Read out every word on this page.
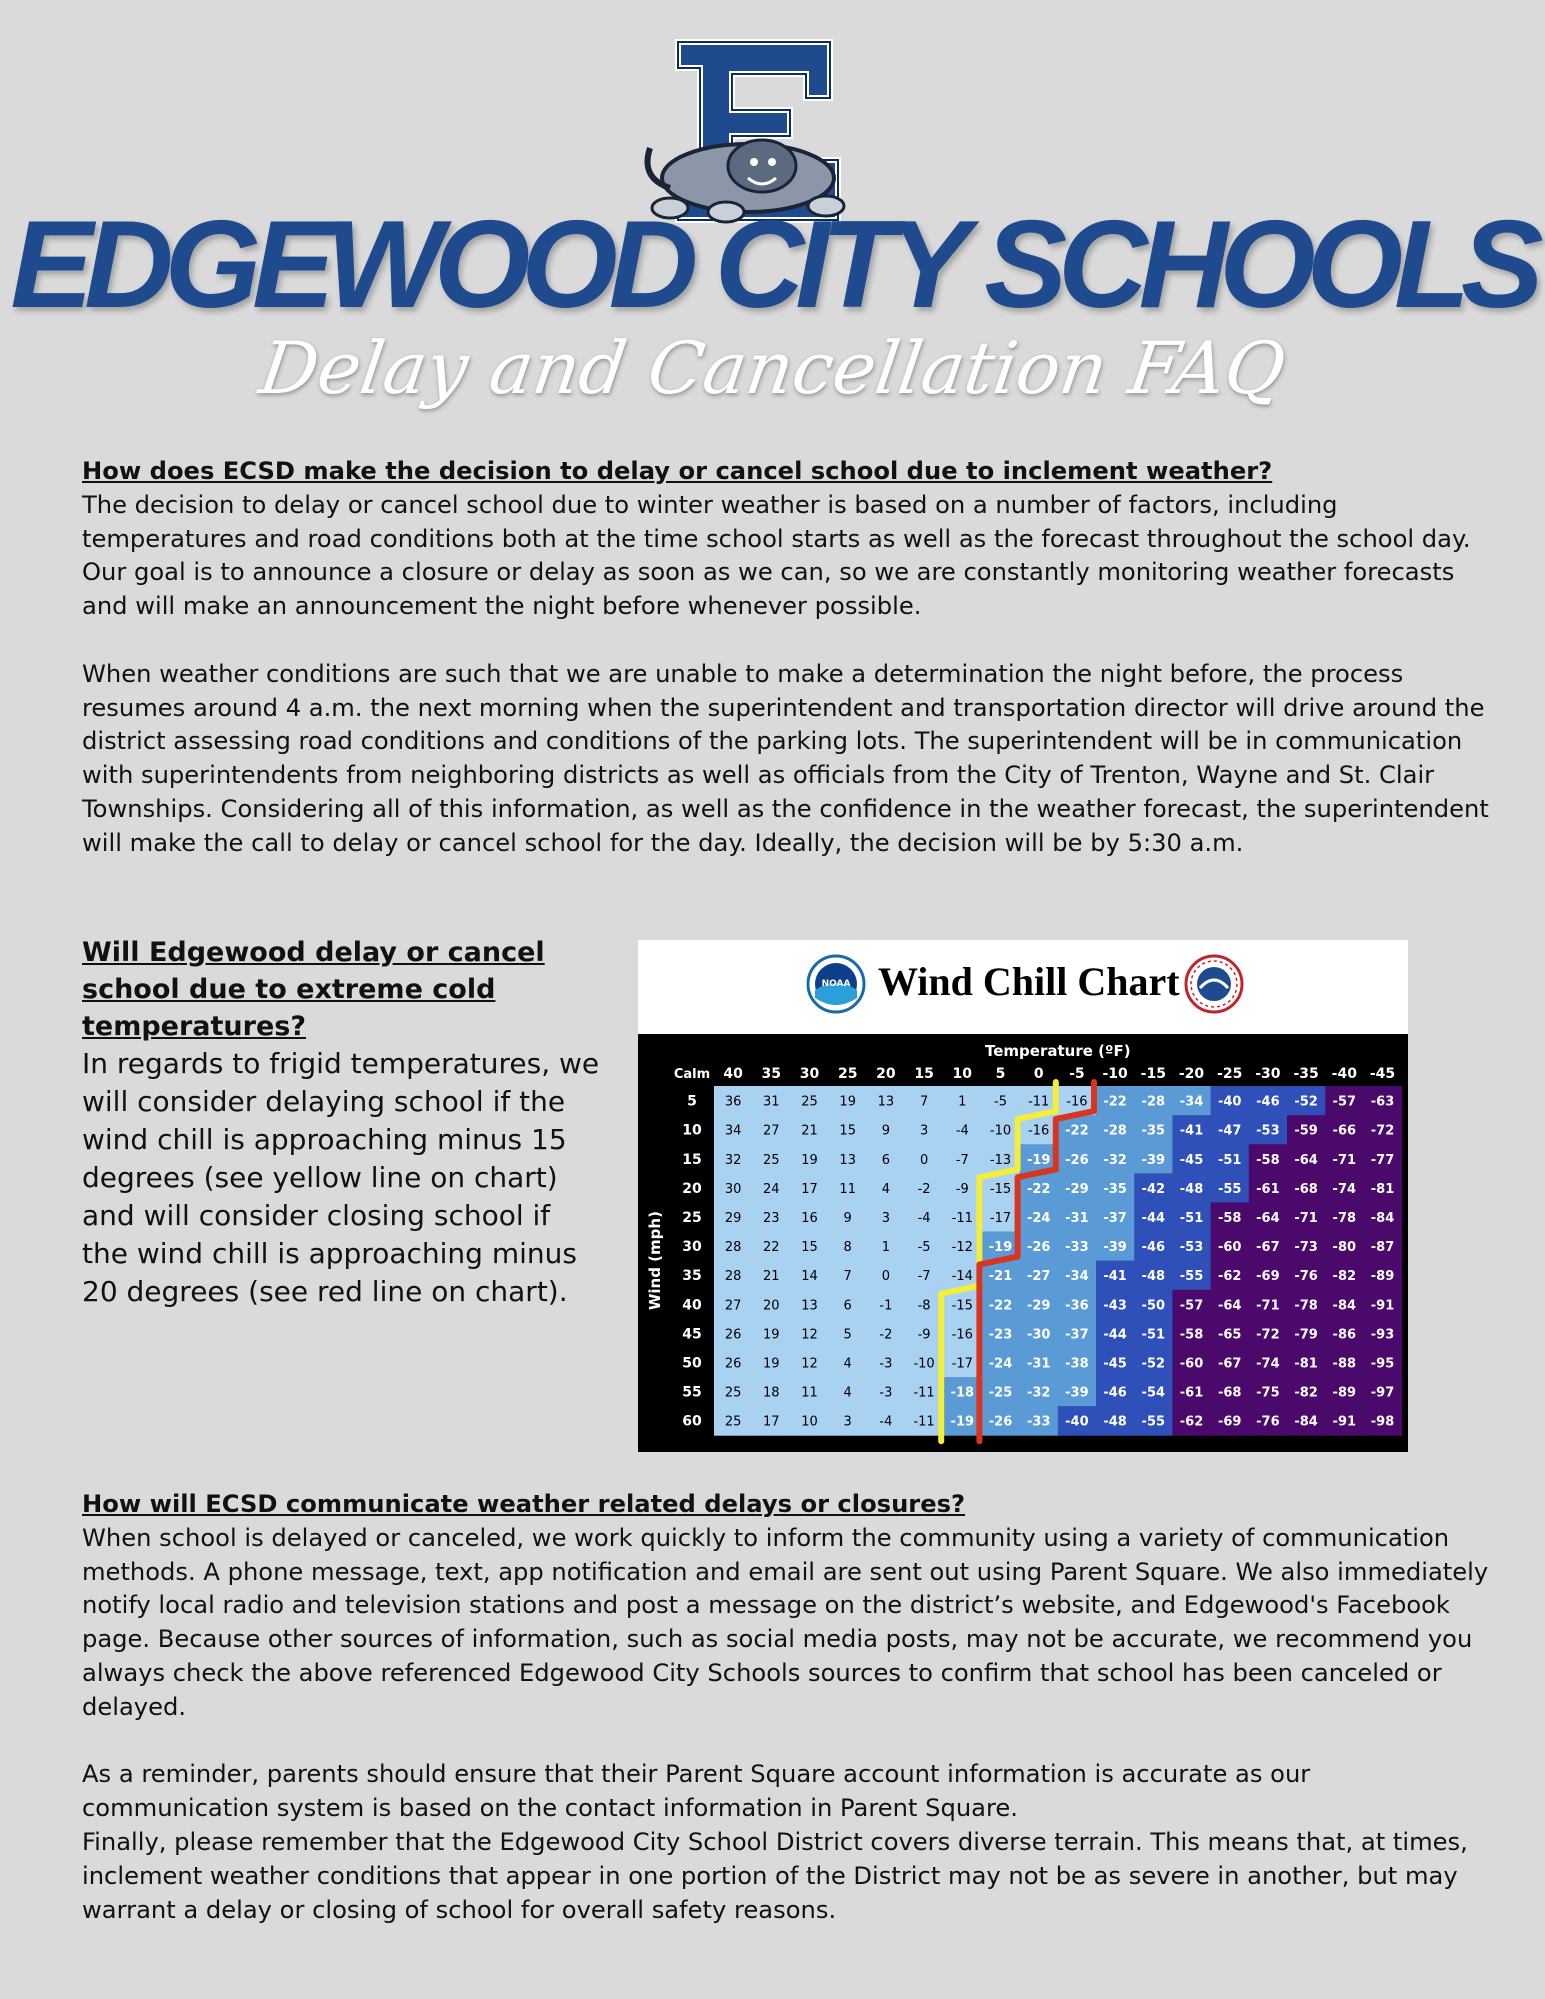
EDGEWOOD CITY SCHOOLS
Delay and Cancellation FAQ

How does ECSD make the decision to delay or cancel school due to inclement weather?

The decision to delay or cancel school due to winter weather is based on a number of factors, including temperatures and road conditions both at the time school starts as well as the forecast throughout the school day. Our goal is to announce a closure or delay as soon as we can, so we are constantly monitoring weather forecasts and will make an announcement the night before whenever possible.

When weather conditions are such that we are unable to make a determination the night before, the process resumes around 4 a.m. the next morning when the superintendent and transportation director will drive around the district assessing road conditions and conditions of the parking lots. The superintendent will be in communication with superintendents from neighboring districts as well as officials from the City of Trenton, Wayne and St. Clair Townships. Considering all of this information, as well as the confidence in the weather forecast, the superintendent will make the call to delay or cancel school for the day. Ideally, the decision will be by 5:30 a.m.

Will Edgewood delay or cancel school due to extreme cold temperatures?

In regards to frigid temperatures, we will consider delaying school if the wind chill is approaching minus 15 degrees (see yellow line on chart) and will consider closing school if the wind chill is approaching minus 20 degrees (see red line on chart).

NOAA Wind Chill Chart
Temperature (ºF)
Wind (mph)
Calm 40 35 30 25 20 15 10 5 0 -5 -10 -15 -20 -25 -30 -35 -40 -45
5 36 31 25 19 13 7 1 -5 -11 -16 -22 -28 -34 -40 -46 -52 -57 -63
10 34 27 21 15 9 3 -4 -10 -16 -22 -28 -35 -41 -47 -53 -59 -66 -72
15 32 25 19 13 6 0 -7 -13 -19 -26 -32 -39 -45 -51 -58 -64 -71 -77
20 30 24 17 11 4 -2 -9 -15 -22 -29 -35 -42 -48 -55 -61 -68 -74 -81
25 29 23 16 9 3 -4 -11 -17 -24 -31 -37 -44 -51 -58 -64 -71 -78 -84
30 28 22 15 8 1 -5 -12 -19 -26 -33 -39 -46 -53 -60 -67 -73 -80 -87
35 28 21 14 7 0 -7 -14 -21 -27 -34 -41 -48 -55 -62 -69 -76 -82 -89
40 27 20 13 6 -1 -8 -15 -22 -29 -36 -43 -50 -57 -64 -71 -78 -84 -91
45 26 19 12 5 -2 -9 -16 -23 -30 -37 -44 -51 -58 -65 -72 -79 -86 -93
50 26 19 12 4 -3 -10 -17 -24 -31 -38 -45 -52 -60 -67 -74 -81 -88 -95
55 25 18 11 4 -3 -11 -18 -25 -32 -39 -46 -54 -61 -68 -75 -82 -89 -97
60 25 17 10 3 -4 -11 -19 -26 -33 -40 -48 -55 -62 -69 -76 -84 -91 -98

How will ECSD communicate weather related delays or closures?

When school is delayed or canceled, we work quickly to inform the community using a variety of communication methods. A phone message, text, app notification and email are sent out using Parent Square. We also immediately notify local radio and television stations and post a message on the district’s website, and Edgewood's Facebook page. Because other sources of information, such as social media posts, may not be accurate, we recommend you always check the above referenced Edgewood City Schools sources to confirm that school has been canceled or delayed.

As a reminder, parents should ensure that their Parent Square account information is accurate as our communication system is based on the contact information in Parent Square.

Finally, please remember that the Edgewood City School District covers diverse terrain. This means that, at times, inclement weather conditions that appear in one portion of the District may not be as severe in another, but may warrant a delay or closing of school for overall safety reasons.
